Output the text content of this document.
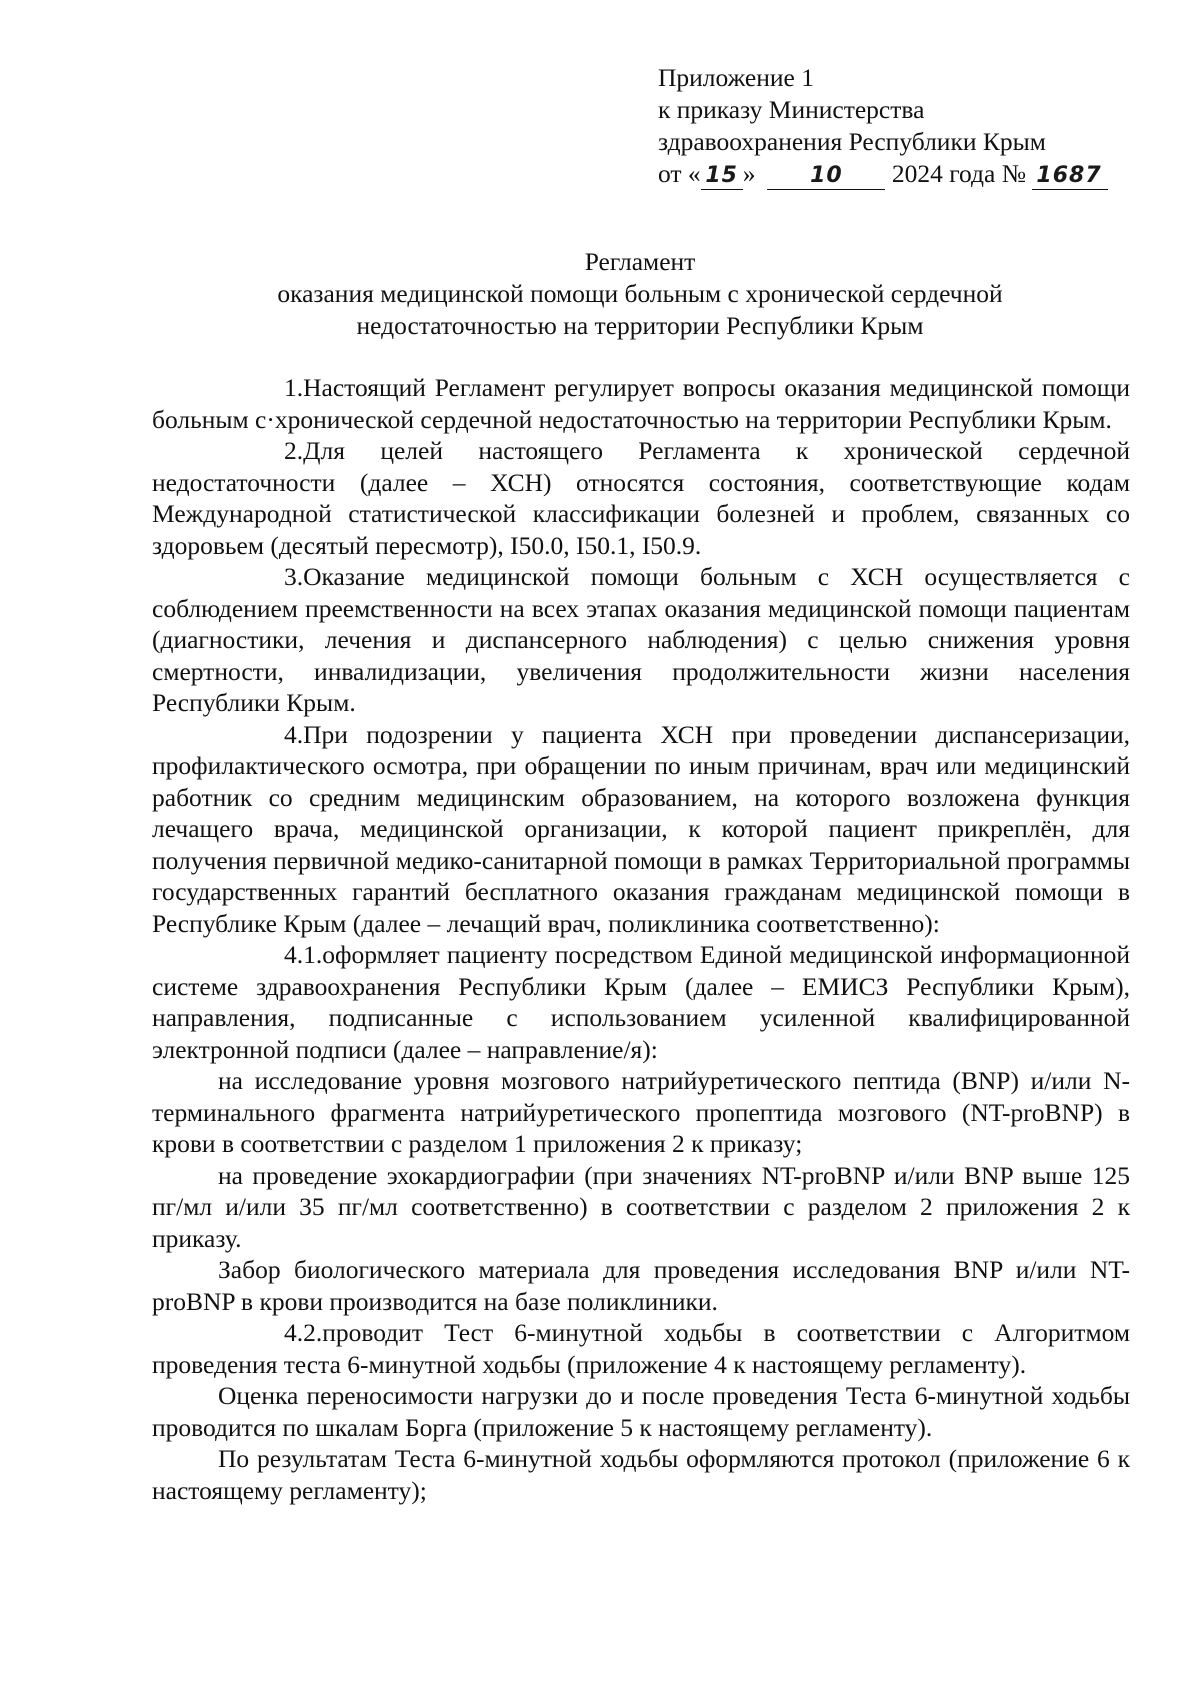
Приложение 1
к приказу Министерства
здравоохранения Республики Крым
от « 15 » 10 2024 года № 1687
Регламент
оказания медицинской помощи больным с хронической сердечной
недостаточностью на территории Республики Крым

1.Настоящий Регламент регулирует вопросы оказания медицинской помощи больным с·хронической сердечной недостаточностью на территории Республики Крым.

2.Для целей настоящего Регламента к хронической сердечной недостаточности (далее – ХСН) относятся состояния, соответствующие кодам Международной статистической классификации болезней и проблем, связанных со здоровьем (десятый пересмотр), I50.0, I50.1, I50.9.

3.Оказание медицинской помощи больным с ХСН осуществляется с соблюдением преемственности на всех этапах оказания медицинской помощи пациентам (диагностики, лечения и диспансерного наблюдения) с целью снижения уровня смертности, инвалидизации, увеличения продолжительности жизни населения Республики Крым.

4.При подозрении у пациента ХСН при проведении диспансеризации, профилактического осмотра, при обращении по иным причинам, врач или медицинский работник со средним медицинским образованием, на которого возложена функция лечащего врача, медицинской организации, к которой пациент прикреплён, для получения первичной медико-санитарной помощи в рамках Территориальной программы государственных гарантий бесплатного оказания гражданам медицинской помощи в Республике Крым (далее – лечащий врач, поликлиника соответственно):

4.1.оформляет пациенту посредством Единой медицинской информационной системе здравоохранения Республики Крым (далее – ЕМИСЗ Республики Крым), направления, подписанные с использованием усиленной квалифицированной электронной подписи (далее – направление/я):

на исследование уровня мозгового натрийуретического пептида (BNP) и/или N-терминального фрагмента натрийуретического пропептида мозгового (NT-proBNP) в крови в соответствии с разделом 1 приложения 2 к приказу;

на проведение эхокардиографии (при значениях NT-proBNP и/или BNP выше 125 пг/мл и/или 35 пг/мл соответственно) в соответствии с разделом 2 приложения 2 к приказу.

Забор биологического материала для проведения исследования BNP и/или NT-proBNP в крови производится на базе поликлиники.

4.2.проводит Тест 6-минутной ходьбы в соответствии с Алгоритмом проведения теста 6-минутной ходьбы (приложение 4 к настоящему регламенту).

Оценка переносимости нагрузки до и после проведения Теста 6-минутной ходьбы проводится по шкалам Борга (приложение 5 к настоящему регламенту).

По результатам Теста 6-минутной ходьбы оформляются протокол (приложение 6 к настоящему регламенту);
